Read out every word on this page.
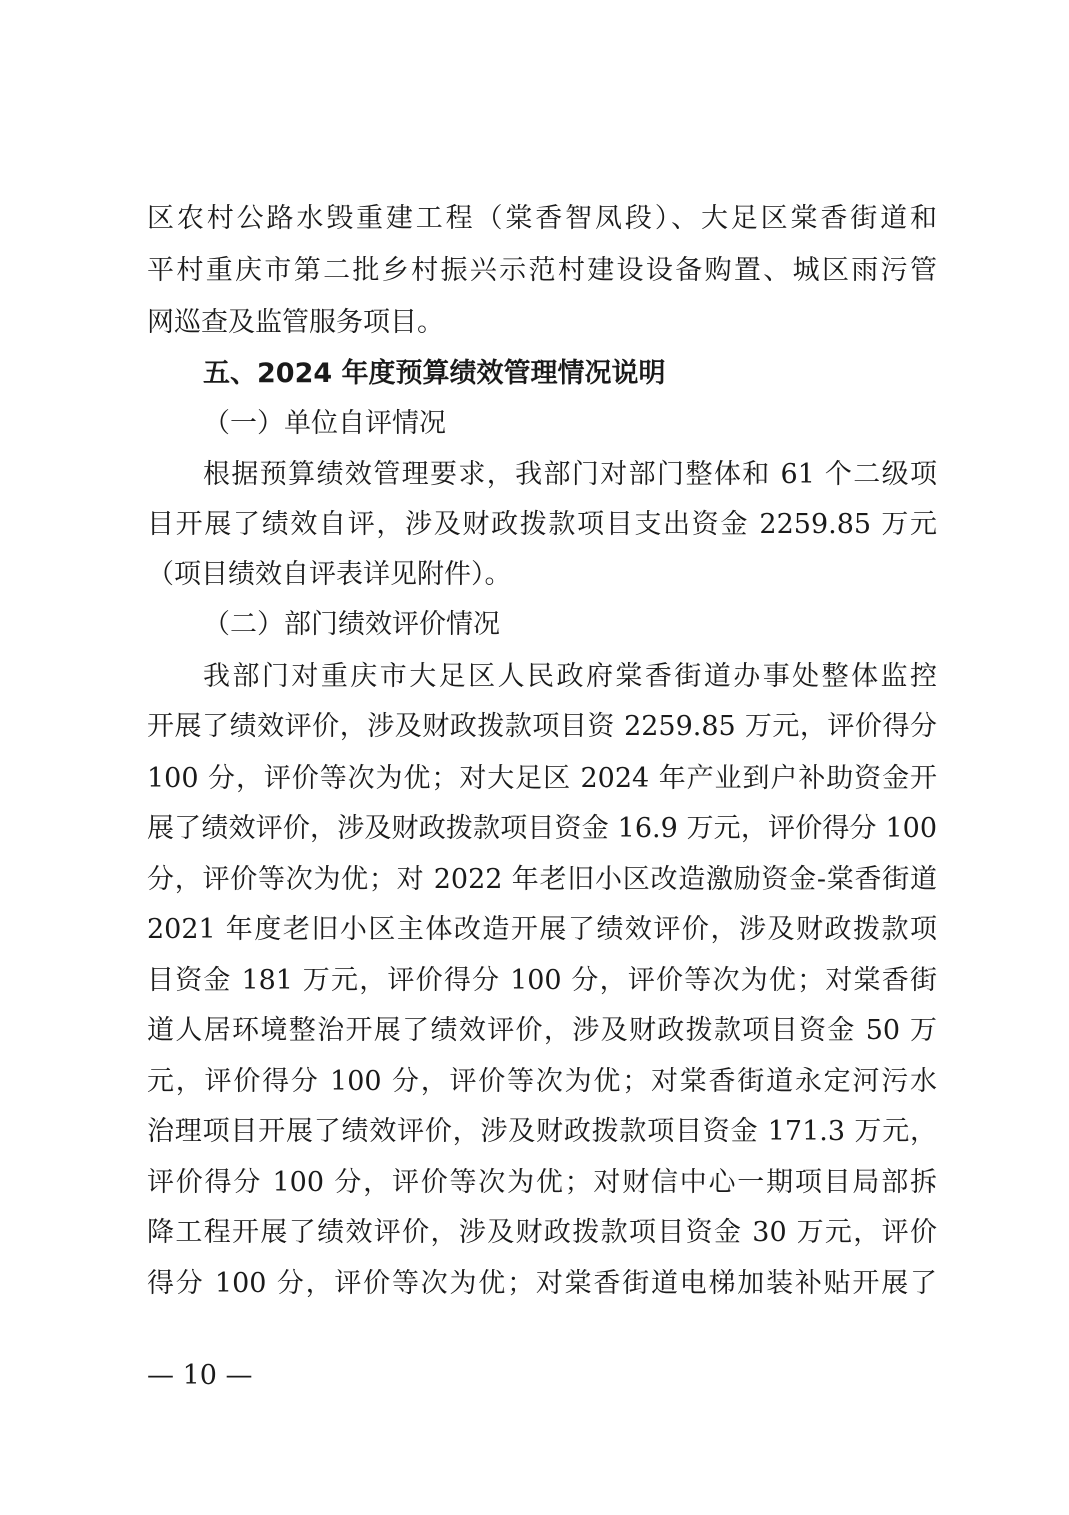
区农村公路水毁重建工程（棠香智凤段）、大足区棠香街道和
平村重庆市第二批乡村振兴示范村建设设备购置、城区雨污管
网巡查及监管服务项目。
五、2024 年度预算绩效管理情况说明
（一）单位自评情况
根据预算绩效管理要求，我部门对部门整体和 61 个二级项
目开展了绩效自评，涉及财政拨款项目支出资金 2259.85 万元
（项目绩效自评表详见附件）。
（二）部门绩效评价情况
我部门对重庆市大足区人民政府棠香街道办事处整体监控
开展了绩效评价，涉及财政拨款项目资 2259.85 万元，评价得分
100 分，评价等次为优；对大足区 2024 年产业到户补助资金开
展了绩效评价，涉及财政拨款项目资金 16.9 万元，评价得分 100
分，评价等次为优；对 2022 年老旧小区改造激励资金-棠香街道
2021 年度老旧小区主体改造开展了绩效评价，涉及财政拨款项
目资金 181 万元，评价得分 100 分，评价等次为优；对棠香街
道人居环境整治开展了绩效评价，涉及财政拨款项目资金 50 万
元，评价得分 100 分，评价等次为优；对棠香街道永定河污水
治理项目开展了绩效评价，涉及财政拨款项目资金 171.3 万元，
评价得分 100 分，评价等次为优；对财信中心一期项目局部拆
降工程开展了绩效评价，涉及财政拨款项目资金 30 万元，评价
得分 100 分，评价等次为优；对棠香街道电梯加装补贴开展了
— 10 —
